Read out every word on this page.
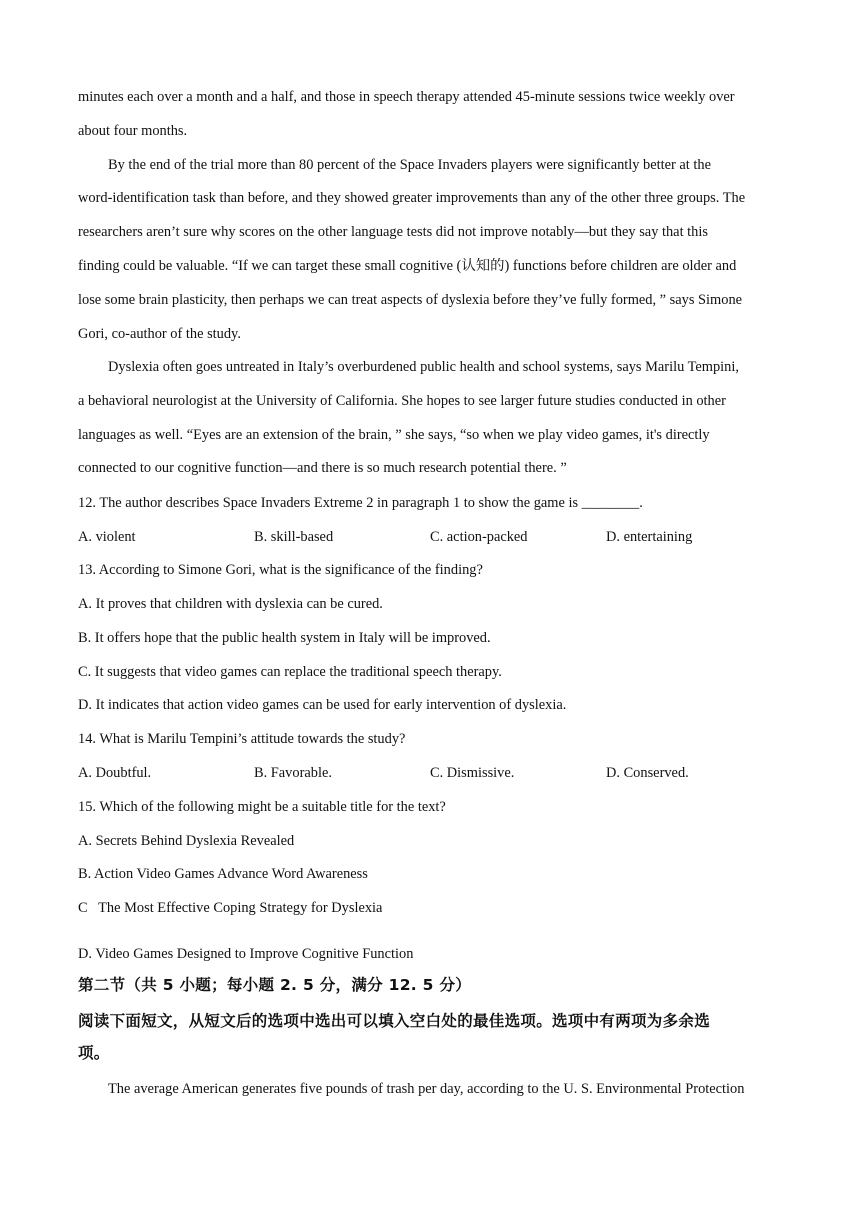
minutes each over a month and a half, and those in speech therapy attended 45-minute sessions twice weekly over
about four months.
By the end of the trial more than 80 percent of the Space Invaders players were significantly better at the
word-identification task than before, and they showed greater improvements than any of the other three groups. The
researchers aren’t sure why scores on the other language tests did not improve notably—but they say that this
finding could be valuable. “If we can target these small cognitive (认知的) functions before children are older and
lose some brain plasticity, then perhaps we can treat aspects of dyslexia before they’ve fully formed, ” says Simone
Gori, co-author of the study.
Dyslexia often goes untreated in Italy’s overburdened public health and school systems, says Marilu Tempini,
a behavioral neurologist at the University of California. She hopes to see larger future studies conducted in other
languages as well. “Eyes are an extension of the brain, ” she says, “so when we play video games, it's directly
connected to our cognitive function—and there is so much research potential there. ”
12. The author describes Space Invaders Extreme 2 in paragraph 1 to show the game is ________.
A. violent	B. skill-based	C. action-packed	D. entertaining
13. According to Simone Gori, what is the significance of the finding?
A. It proves that children with dyslexia can be cured.
B. It offers hope that the public health system in Italy will be improved.
C. It suggests that video games can replace the traditional speech therapy.
D. It indicates that action video games can be used for early intervention of dyslexia.
14. What is Marilu Tempini’s attitude towards the study?
A. Doubtful.	B. Favorable.	C. Dismissive.	D. Conserved.
15. Which of the following might be a suitable title for the text?
A. Secrets Behind Dyslexia Revealed
B. Action Video Games Advance Word Awareness
C   The Most Effective Coping Strategy for Dyslexia
D. Video Games Designed to Improve Cognitive Function
第二节（共 5 小题；每小题 2. 5 分，满分 12. 5 分）
阅读下面短文，从短文后的选项中选出可以填入空白处的最佳选项。选项中有两项为多余选
项。
The average American generates five pounds of trash per day, according to the U. S. Environmental Protection
